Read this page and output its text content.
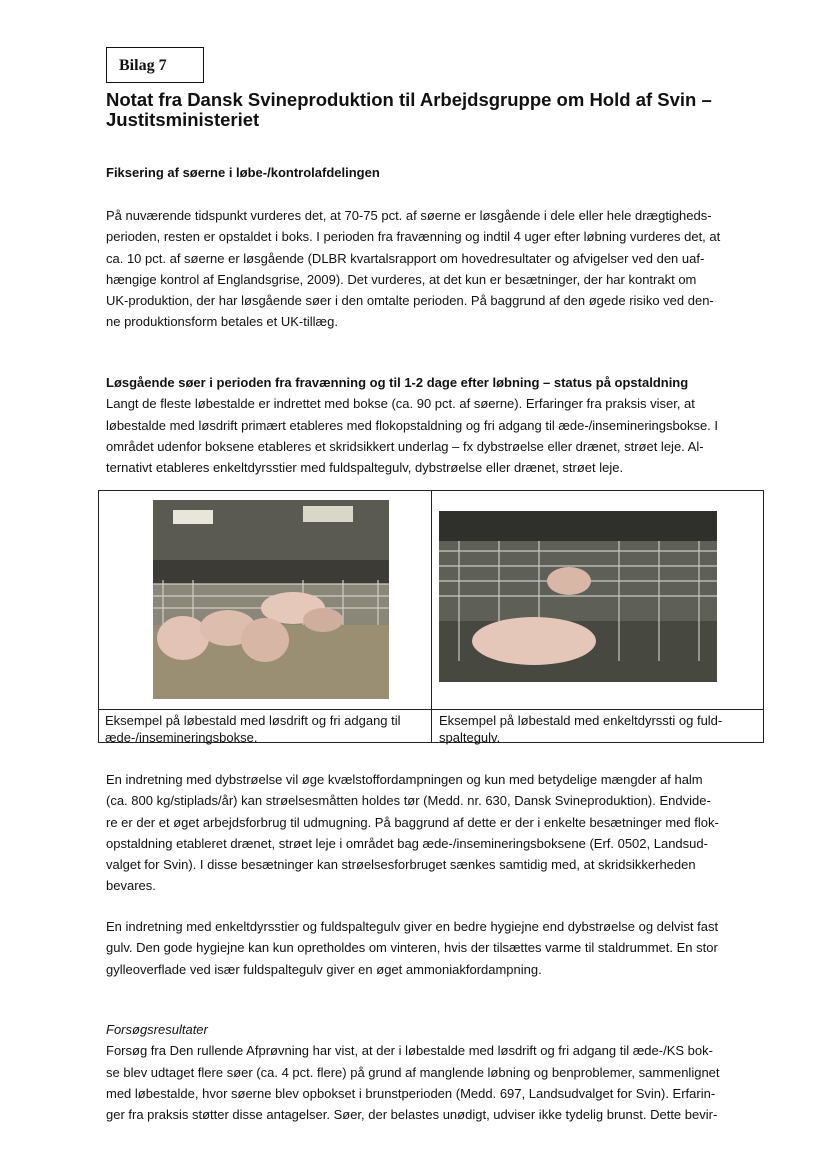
Bilag 7
Notat fra Dansk Svineproduktion til Arbejdsgruppe om Hold af Svin – Justitsministeriet
Fiksering af søerne i løbe-/kontrolafdelingen
På nuværende tidspunkt vurderes det, at 70-75 pct. af søerne er løsgående i dele eller hele drægtigheds-
perioden, resten er opstaldet i boks. I perioden fra fravænning og indtil 4 uger efter løbning vurderes det, at
ca. 10 pct. af søerne er løsgående (DLBR kvartalsrapport om hovedresultater og afvigelser ved den uaf-
hængige kontrol af Englandsgrise, 2009). Det vurderes, at det kun er besætninger, der har kontrakt om
UK-produktion, der har løsgående søer i den omtalte perioden. På baggrund af den øgede risiko ved den-
ne produktionsform betales et UK-tillæg.
Løsgående søer i perioden fra fravænning og til 1-2 dage efter løbning – status på opstaldning
Langt de fleste løbestalde er indrettet med bokse (ca. 90 pct. af søerne). Erfaringer fra praksis viser, at
løbestalde med løsdrift primært etableres med flokopstaldning og fri adgang til æde-/insemineringsbokse. I
området udenfor boksene etableres et skridsikkert underlag – fx dybstrøelse eller drænet, strøet leje. Al-
ternativt etableres enkeltdyrsstier med fuldspaltegulv, dybstrøelse eller drænet, strøet leje.
Eksempel på løbestald med løsdrift og fri adgang til
æde-/insemineringsbokse.
Eksempel på løbestald med enkeltdyrssti og fuld-
spaltegulv.
En indretning med dybstrøelse vil øge kvælstoffordampningen og kun med betydelige mængder af halm
(ca. 800 kg/stiplads/år) kan strøelsesmåtten holdes tør (Medd. nr. 630, Dansk Svineproduktion). Endvide-
re er der et øget arbejdsforbrug til udmugning. På baggrund af dette er der i enkelte besætninger med flok-
opstaldning etableret drænet, strøet leje i området bag æde-/insemineringsboksene (Erf. 0502, Landsud-
valget for Svin). I disse besætninger kan strøelsesforbruget sænkes samtidig med, at skridsikkerheden
bevares.
En indretning med enkeltdyrsstier og fuldspaltegulv giver en bedre hygiejne end dybstrøelse og delvist fast
gulv. Den gode hygiejne kan kun opretholdes om vinteren, hvis der tilsættes varme til staldrummet. En stor
gylleoverflade ved især fuldspaltegulv giver en øget ammoniakfordampning.
Forsøgsresultater
Forsøg fra Den rullende Afprøvning har vist, at der i løbestalde med løsdrift og fri adgang til æde-/KS bok-
se blev udtaget flere søer (ca. 4 pct. flere) på grund af manglende løbning og benproblemer, sammenlignet
med løbestalde, hvor søerne blev opbokset i brunstperioden (Medd. 697, Landsudvalget for Svin). Erfarin-
ger fra praksis støtter disse antagelser. Søer, der belastes unødigt, udviser ikke tydelig brunst. Dette bevir-
